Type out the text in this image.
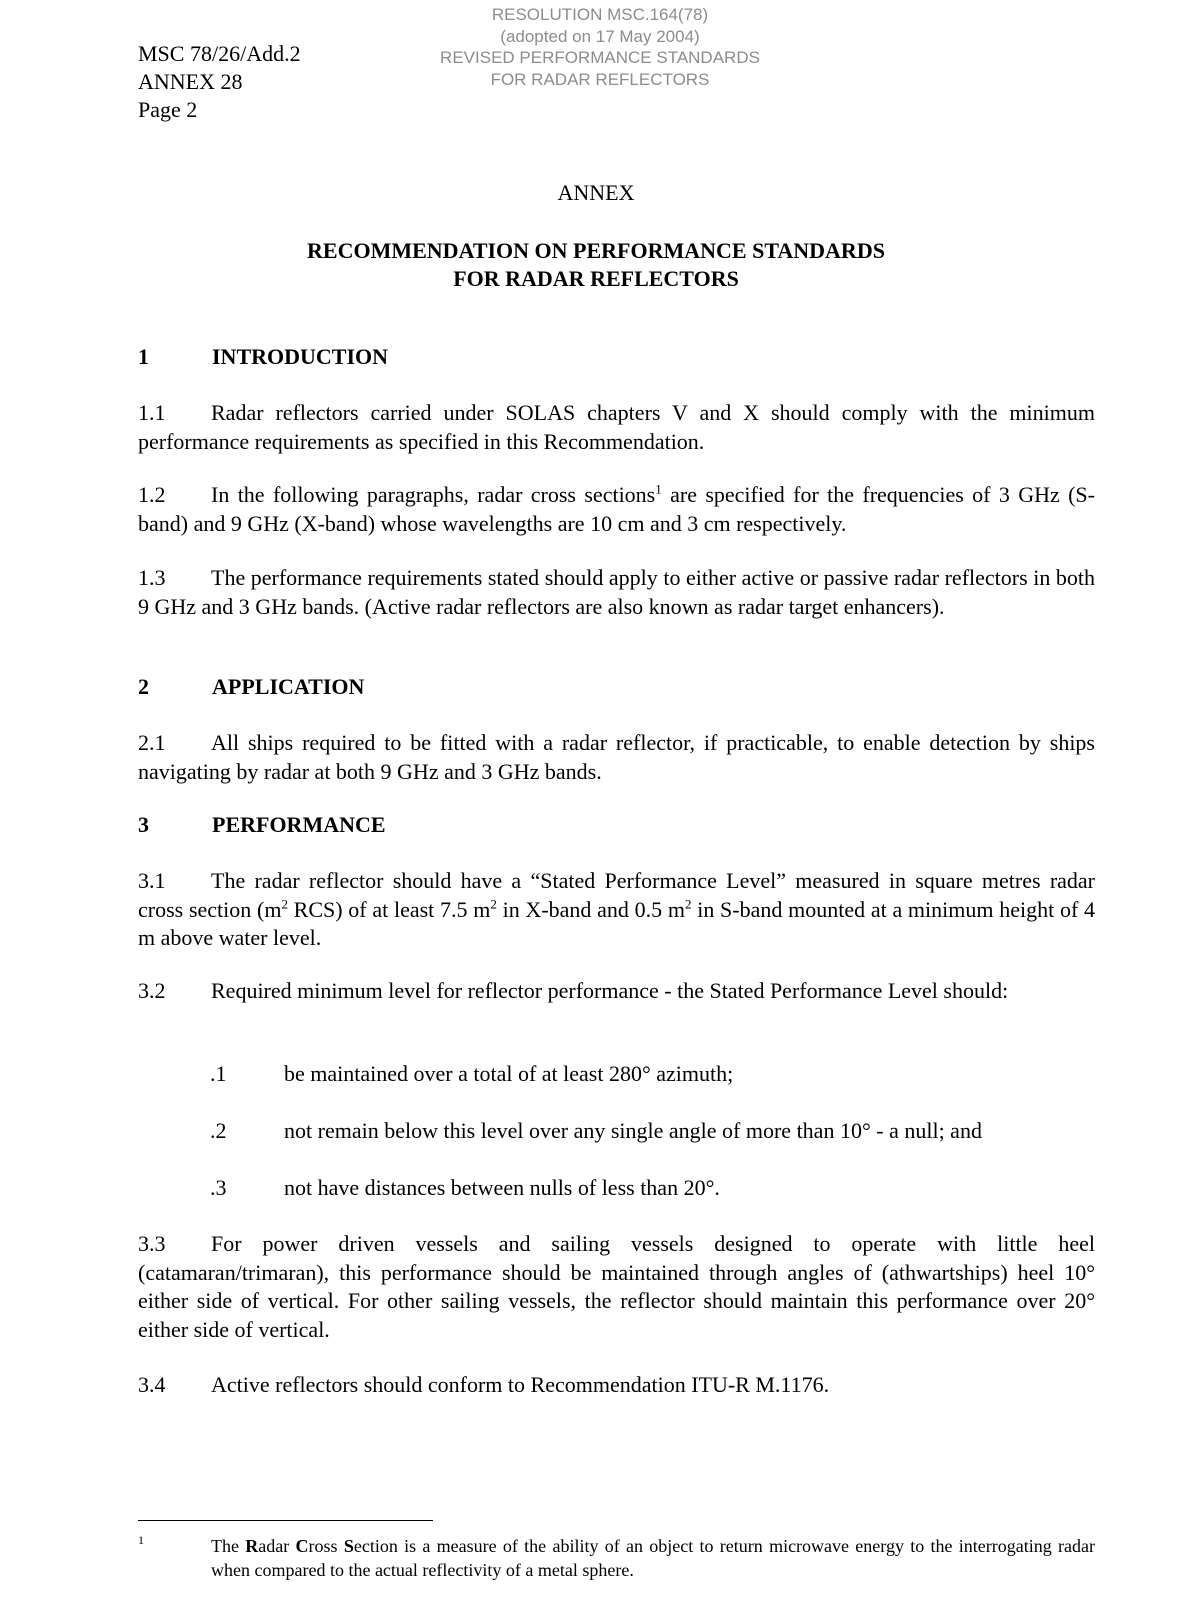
RESOLUTION MSC.164(78)
(adopted on 17 May 2004)
REVISED PERFORMANCE STANDARDS
FOR RADAR REFLECTORS
MSC 78/26/Add.2
ANNEX 28
Page 2
ANNEX
RECOMMENDATION ON PERFORMANCE STANDARDS
FOR RADAR REFLECTORS
1	INTRODUCTION
1.1 Radar reflectors carried under SOLAS chapters V and X should comply with the minimum performance requirements as specified in this Recommendation.
1.2 In the following paragraphs, radar cross sections$^1$ are specified for the frequencies of 3 GHz (S-band) and 9 GHz (X-band) whose wavelengths are 10 cm and 3 cm respectively.
1.3 The performance requirements stated should apply to either active or passive radar reflectors in both 9 GHz and 3 GHz bands. (Active radar reflectors are also known as radar target enhancers).
2	APPLICATION
2.1 All ships required to be fitted with a radar reflector, if practicable, to enable detection by ships navigating by radar at both 9 GHz and 3 GHz bands.
3	PERFORMANCE
3.1 The radar reflector should have a “Stated Performance Level” measured in square metres radar cross section ($m^2$ RCS) of at least 7.5 $m^2$ in X-band and 0.5 $m^2$ in S-band mounted at a minimum height of 4 m above water level.
3.2 Required minimum level for reflector performance - the Stated Performance Level should:
.1	be maintained over a total of at least 280° azimuth;
.2	not remain below this level over any single angle of more than 10° - a null; and
.3	not have distances between nulls of less than 20°.
3.3 For power driven vessels and sailing vessels designed to operate with little heel (catamaran/trimaran), this performance should be maintained through angles of (athwartships) heel 10° either side of vertical. For other sailing vessels, the reflector should maintain this performance over 20° either side of vertical.
3.4 Active reflectors should conform to Recommendation ITU-R M.1176.
1	The Radar Cross Section is a measure of the ability of an object to return microwave energy to the interrogating radar when compared to the actual reflectivity of a metal sphere.
